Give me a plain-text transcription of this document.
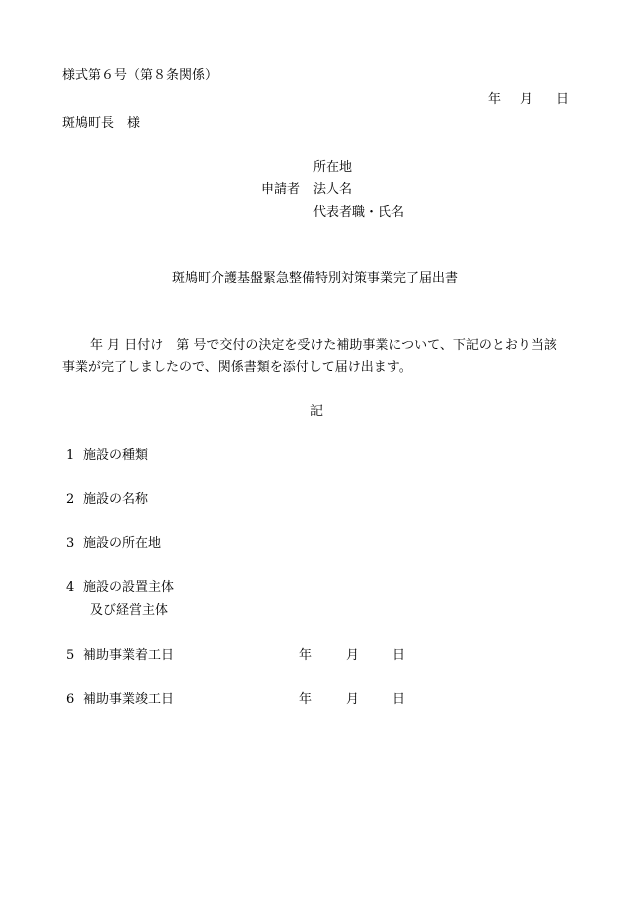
様式第６号（第８条関係）
年 月 日
斑鳩町長　様
所在地
申請者 法人名
代表者職・氏名
斑鳩町介護基盤緊急整備特別対策事業完了届出書
年 月 日付け　第 号で交付の決定を受けた補助事業について、下記のとおり当該
事業が完了しましたので、関係書類を添付して届け出ます。
記
1 施設の種類
2 施設の名称
3 施設の所在地
4 施設の設置主体
及び経営主体
5 補助事業着工日	年	月	日
6 補助事業竣工日	年	月	日
